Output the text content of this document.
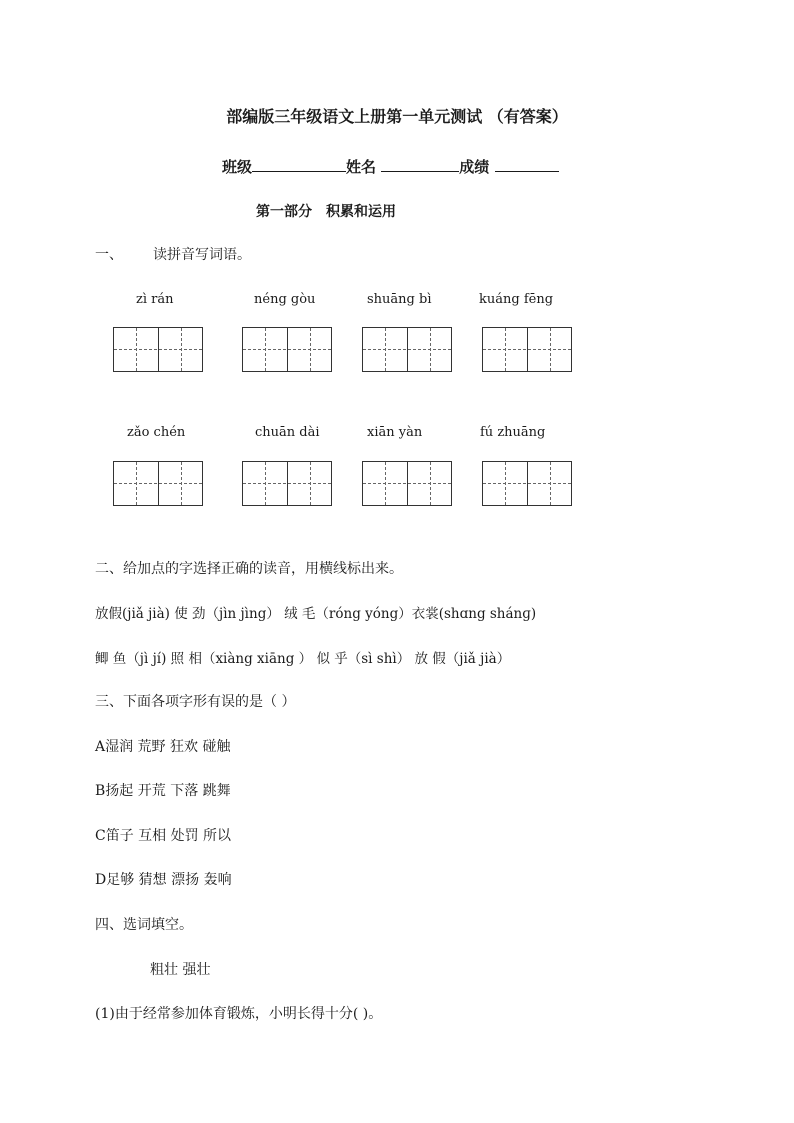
部编版三年级语文上册第一单元测试 （有答案）
班级	姓名	成绩
第一部分　积累和运用
一、 读拼音写词语。
zì rán	néng gòu	shuāng bì	kuáng fēng
zǎo chén	chuān dài	xiān yàn	fú zhuāng
二、给加点的字选择正确的读音，用横线标出来。
放假(jiǎ jià) 使 劲（jìn jìng） 绒 毛（róng yóng）衣裳(shɑng shánɡ)
鲫 鱼（jì jí) 照 相（xiàng xiāng ） 似 乎（sì shì） 放 假（jiǎ jià）
三、下面各项字形有误的是（ ）
A湿润 荒野 狂欢 碰触
B扬起 开荒 下落 跳舞
C笛子 互相 处罚 所以
D足够 猜想 漂扬 轰响
四、选词填空。
粗壮 强壮
(1)由于经常参加体育锻炼，小明长得十分( )。
